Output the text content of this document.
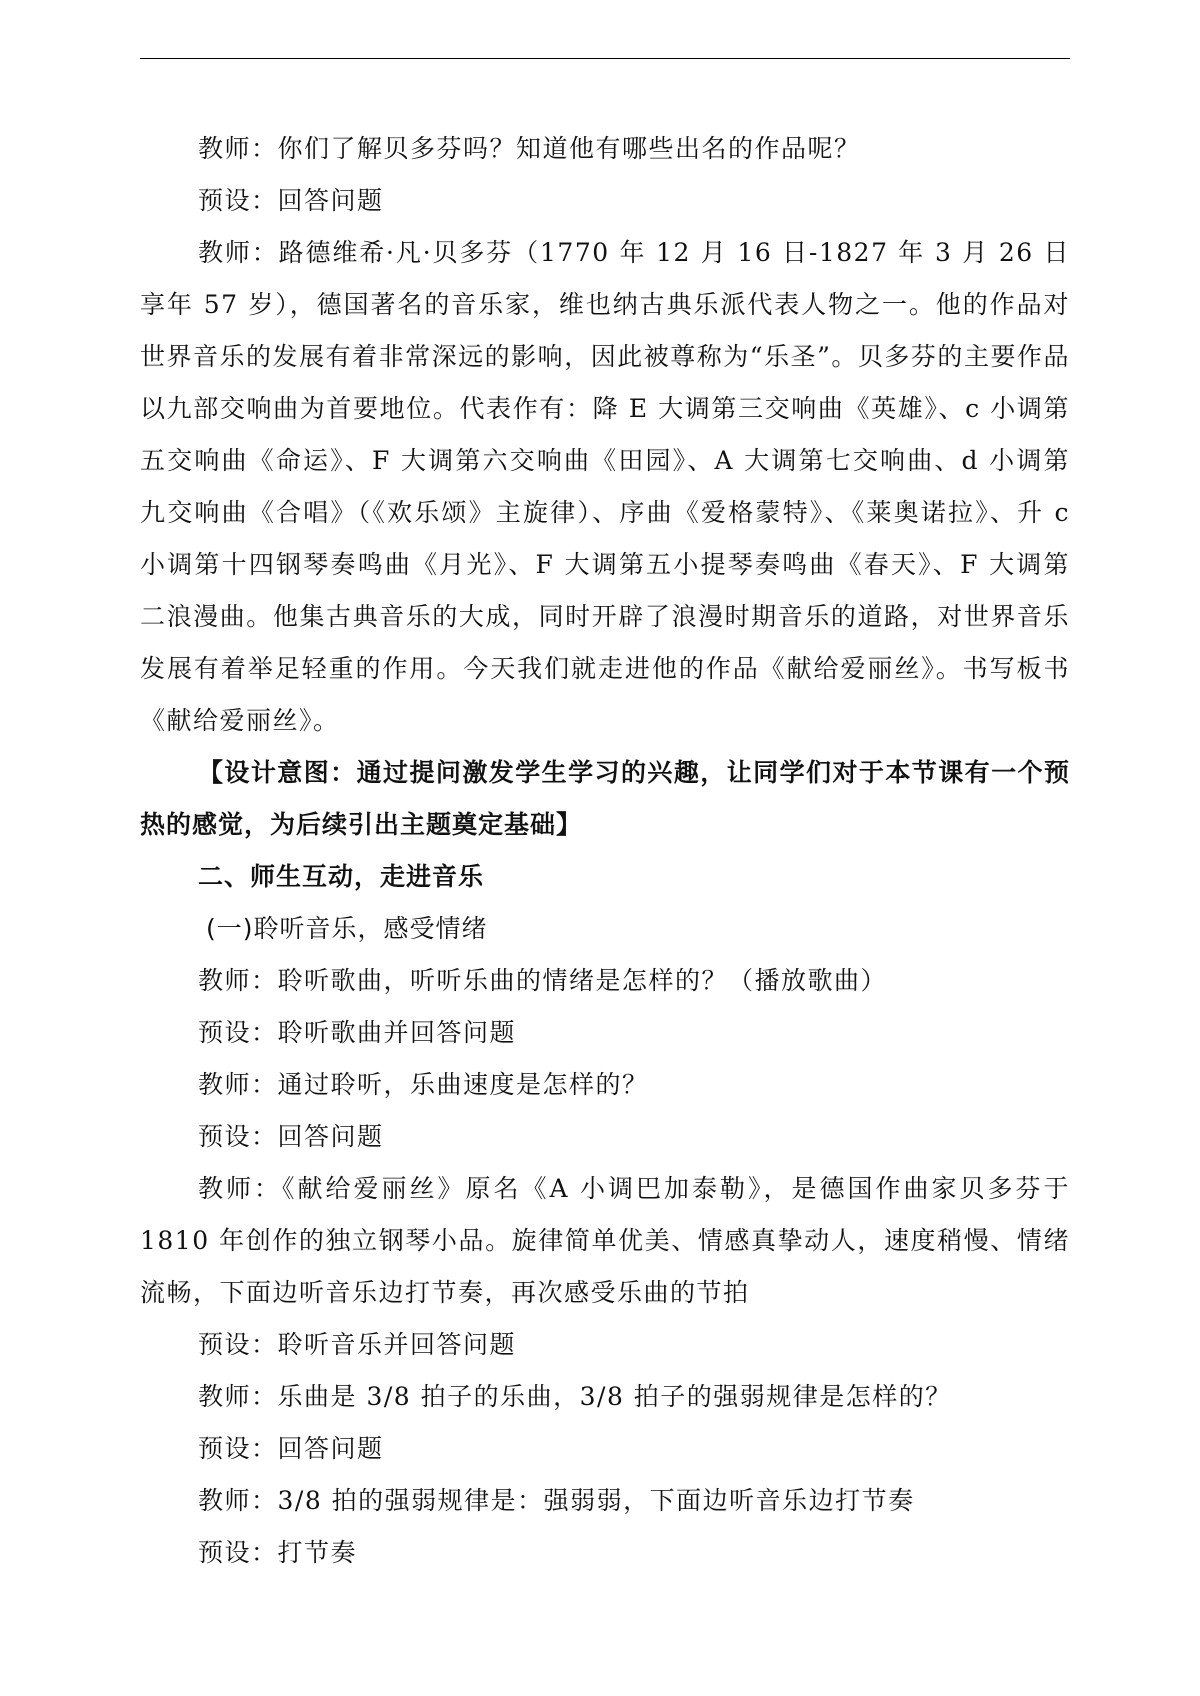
教师：你们了解贝多芬吗？知道他有哪些出名的作品呢？

预设：回答问题

教师：路德维希·凡·贝多芬（1770 年 12 月 16 日-1827 年 3 月 26 日享年 57 岁），德国著名的音乐家，维也纳古典乐派代表人物之一。他的作品对世界音乐的发展有着非常深远的影响，因此被尊称为“乐圣”。贝多芬的主要作品以九部交响曲为首要地位。代表作有：降 E 大调第三交响曲《英雄》、c 小调第五交响曲《命运》、F 大调第六交响曲《田园》、A 大调第七交响曲、d 小调第九交响曲《合唱》（《欢乐颂》主旋律）、序曲《爱格蒙特》、《莱奥诺拉》、升 c 小调第十四钢琴奏鸣曲《月光》、F 大调第五小提琴奏鸣曲《春天》、F 大调第二浪漫曲。他集古典音乐的大成，同时开辟了浪漫时期音乐的道路，对世界音乐发展有着举足轻重的作用。今天我们就走进他的作品《献给爱丽丝》。书写板书《献给爱丽丝》。

【设计意图：通过提问激发学生学习的兴趣，让同学们对于本节课有一个预热的感觉，为后续引出主题奠定基础】

二、师生互动，走进音乐

(一)聆听音乐，感受情绪

教师：聆听歌曲，听听乐曲的情绪是怎样的？（播放歌曲）

预设：聆听歌曲并回答问题

教师：通过聆听，乐曲速度是怎样的？

预设：回答问题

教师：《献给爱丽丝》原名《A 小调巴加泰勒》，是德国作曲家贝多芬于 1810 年创作的独立钢琴小品。旋律简单优美、情感真挚动人，速度稍慢、情绪流畅，下面边听音乐边打节奏，再次感受乐曲的节拍

预设：聆听音乐并回答问题

教师：乐曲是 3/8 拍子的乐曲，3/8 拍子的强弱规律是怎样的？

预设：回答问题

教师：3/8 拍的强弱规律是：强弱弱，下面边听音乐边打节奏

预设：打节奏
